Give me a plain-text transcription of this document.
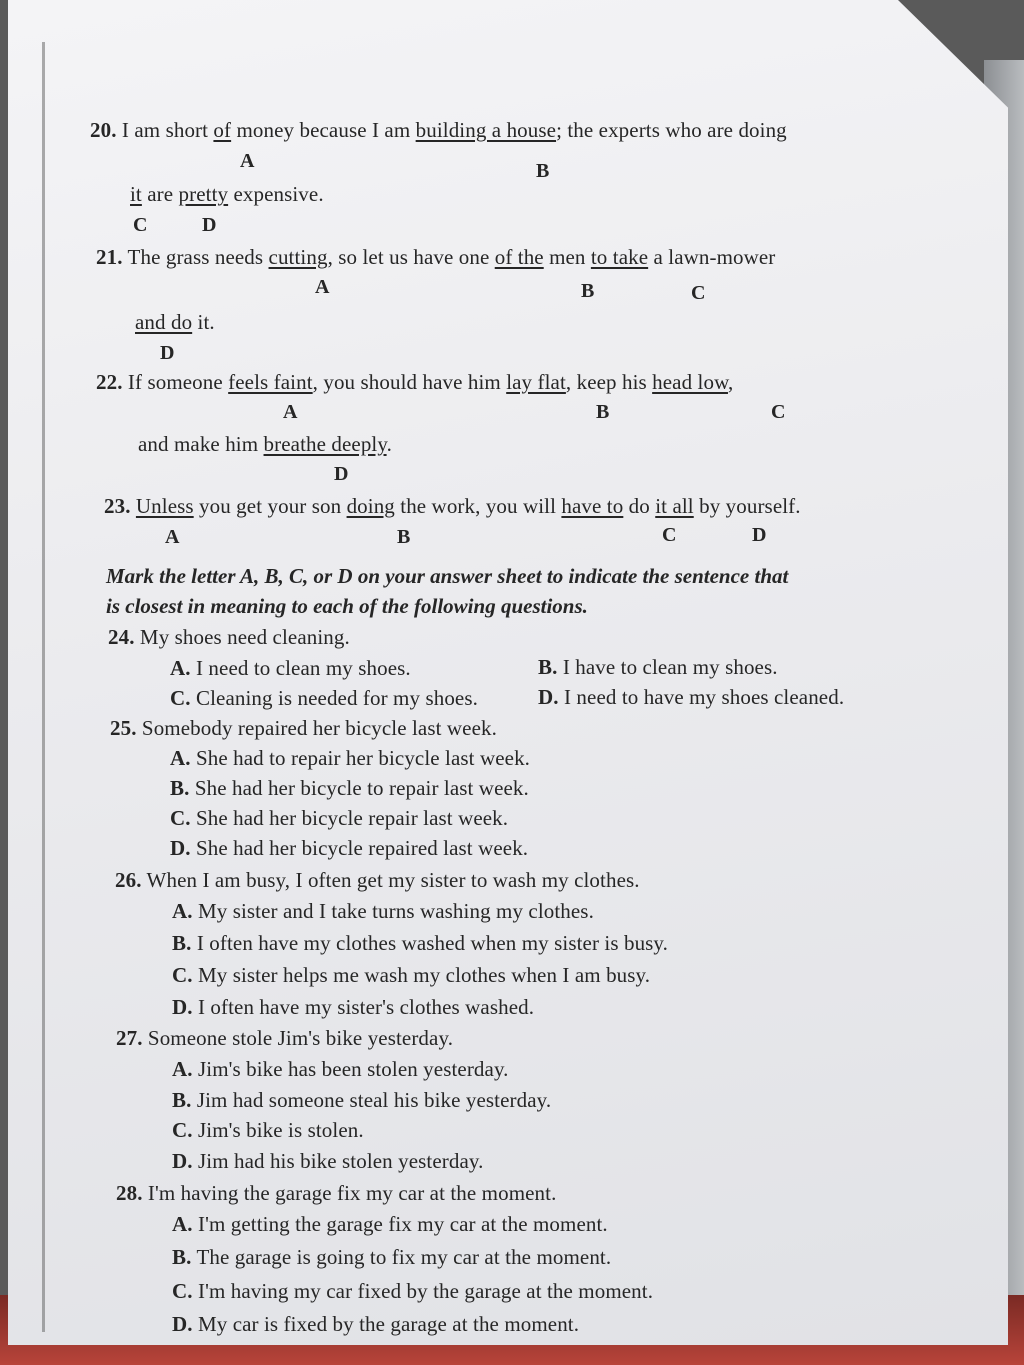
20. I am short of money because I am building a house; the experts who are doing
A	B
it are pretty expensive.
C	D
21. The grass needs cutting, so let us have one of the men to take a lawn-mower
A	B	C
and do it.
D
22. If someone feels faint, you should have him lay flat, keep his head low,
A	B	C
and make him breathe deeply.
D
23. Unless you get your son doing the work, you will have to do it all by yourself.
A	B	C	D
Mark the letter A, B, C, or D on your answer sheet to indicate the sentence that
is closest in meaning to each of the following questions.
24. My shoes need cleaning.
A. I need to clean my shoes.	B. I have to clean my shoes.
C. Cleaning is needed for my shoes.	D. I need to have my shoes cleaned.
25. Somebody repaired her bicycle last week.
A. She had to repair her bicycle last week.
B. She had her bicycle to repair last week.
C. She had her bicycle repair last week.
D. She had her bicycle repaired last week.
26. When I am busy, I often get my sister to wash my clothes.
A. My sister and I take turns washing my clothes.
B. I often have my clothes washed when my sister is busy.
C. My sister helps me wash my clothes when I am busy.
D. I often have my sister's clothes washed.
27. Someone stole Jim's bike yesterday.
A. Jim's bike has been stolen yesterday.
B. Jim had someone steal his bike yesterday.
C. Jim's bike is stolen.
D. Jim had his bike stolen yesterday.
28. I'm having the garage fix my car at the moment.
A. I'm getting the garage fix my car at the moment.
B. The garage is going to fix my car at the moment.
C. I'm having my car fixed by the garage at the moment.
D. My car is fixed by the garage at the moment.
